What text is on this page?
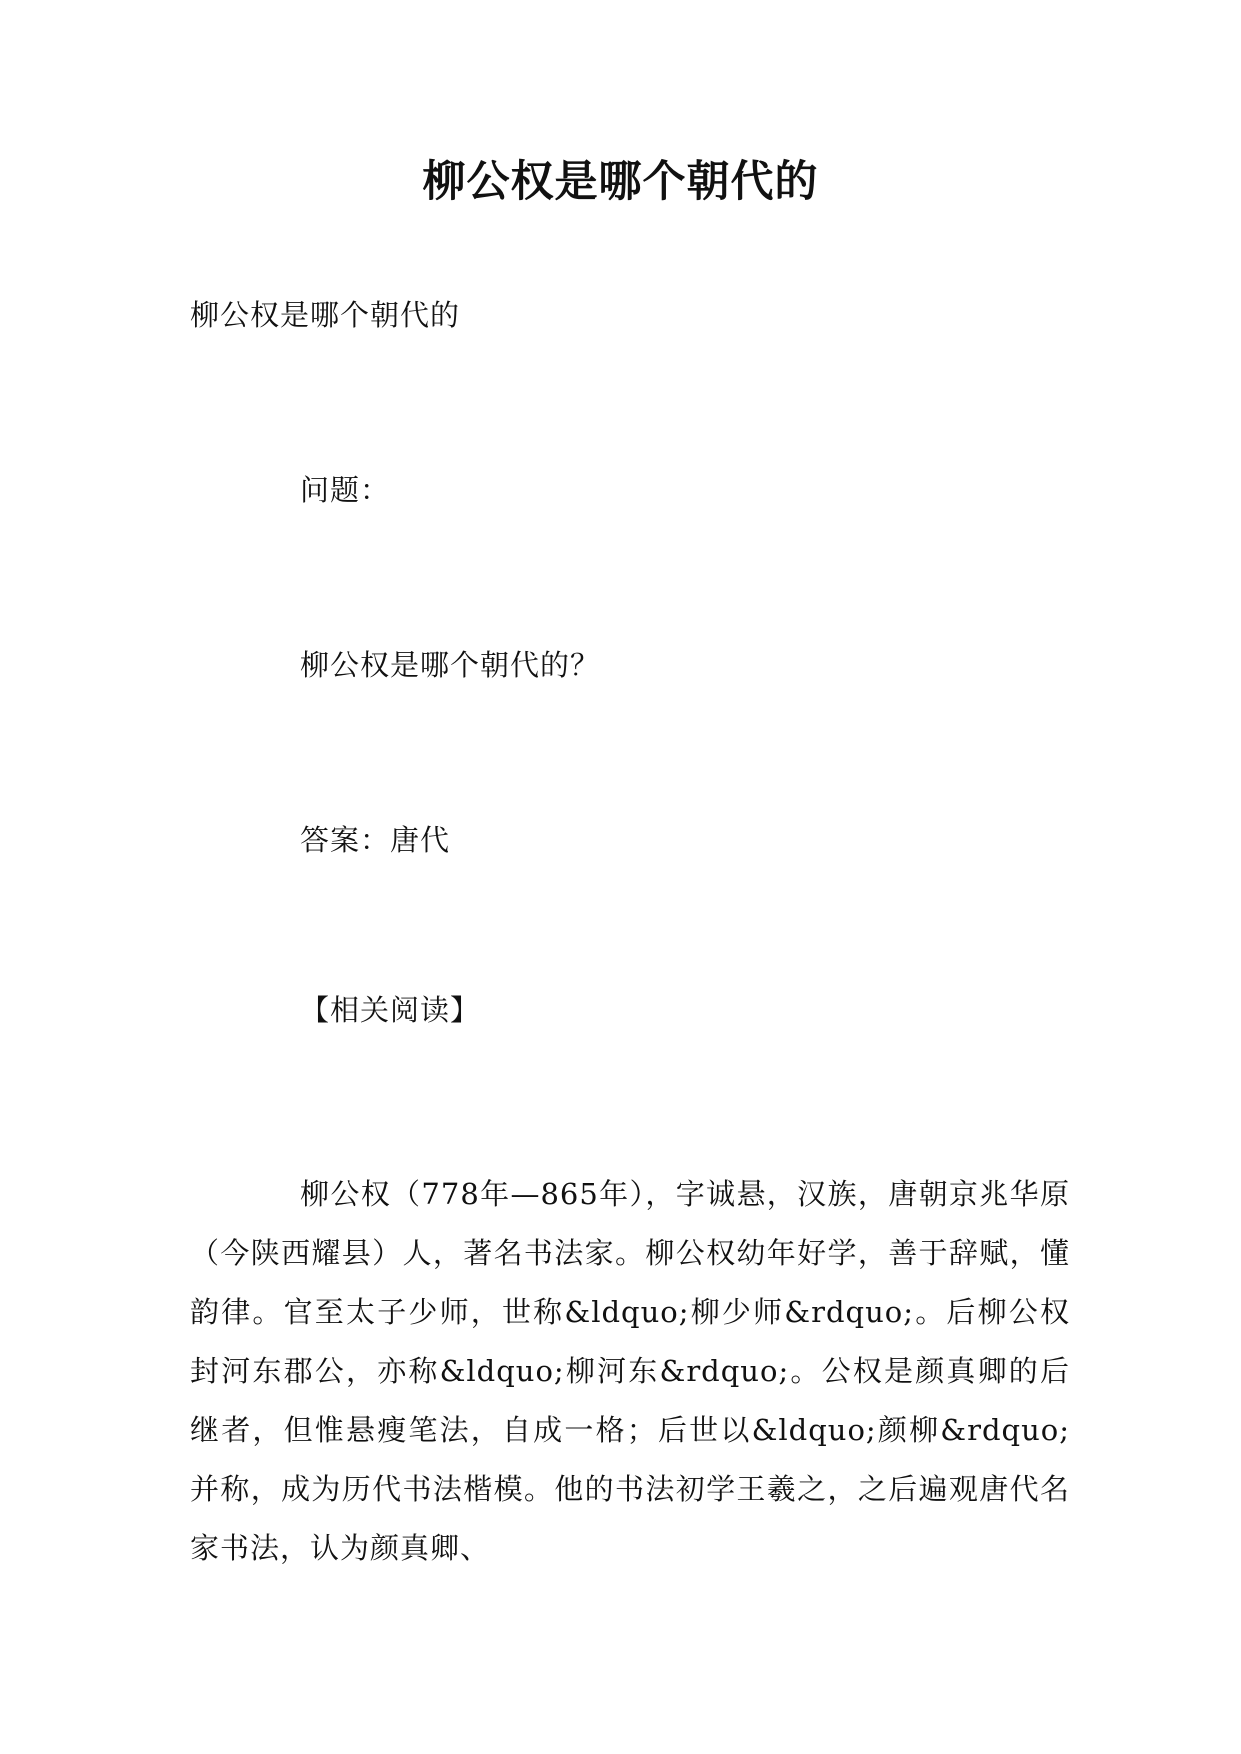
柳公权是哪个朝代的
柳公权是哪个朝代的
问题：
柳公权是哪个朝代的？
答案：唐代
【相关阅读】
柳公权（778年—865年），字诚悬，汉族，唐朝京兆华原（今陕西耀县）人，著名书法家。柳公权幼年好学，善于辞赋，懂韵律。官至太子少师，世称&ldquo;柳少师&rdquo;。后柳公权封河东郡公，亦称&ldquo;柳河东&rdquo;。公权是颜真卿的后继者，但惟悬瘦笔法，自成一格；后世以&ldquo;颜柳&rdquo;并称，成为历代书法楷模。他的书法初学王羲之，之后遍观唐代名家书法，认为颜真卿、
